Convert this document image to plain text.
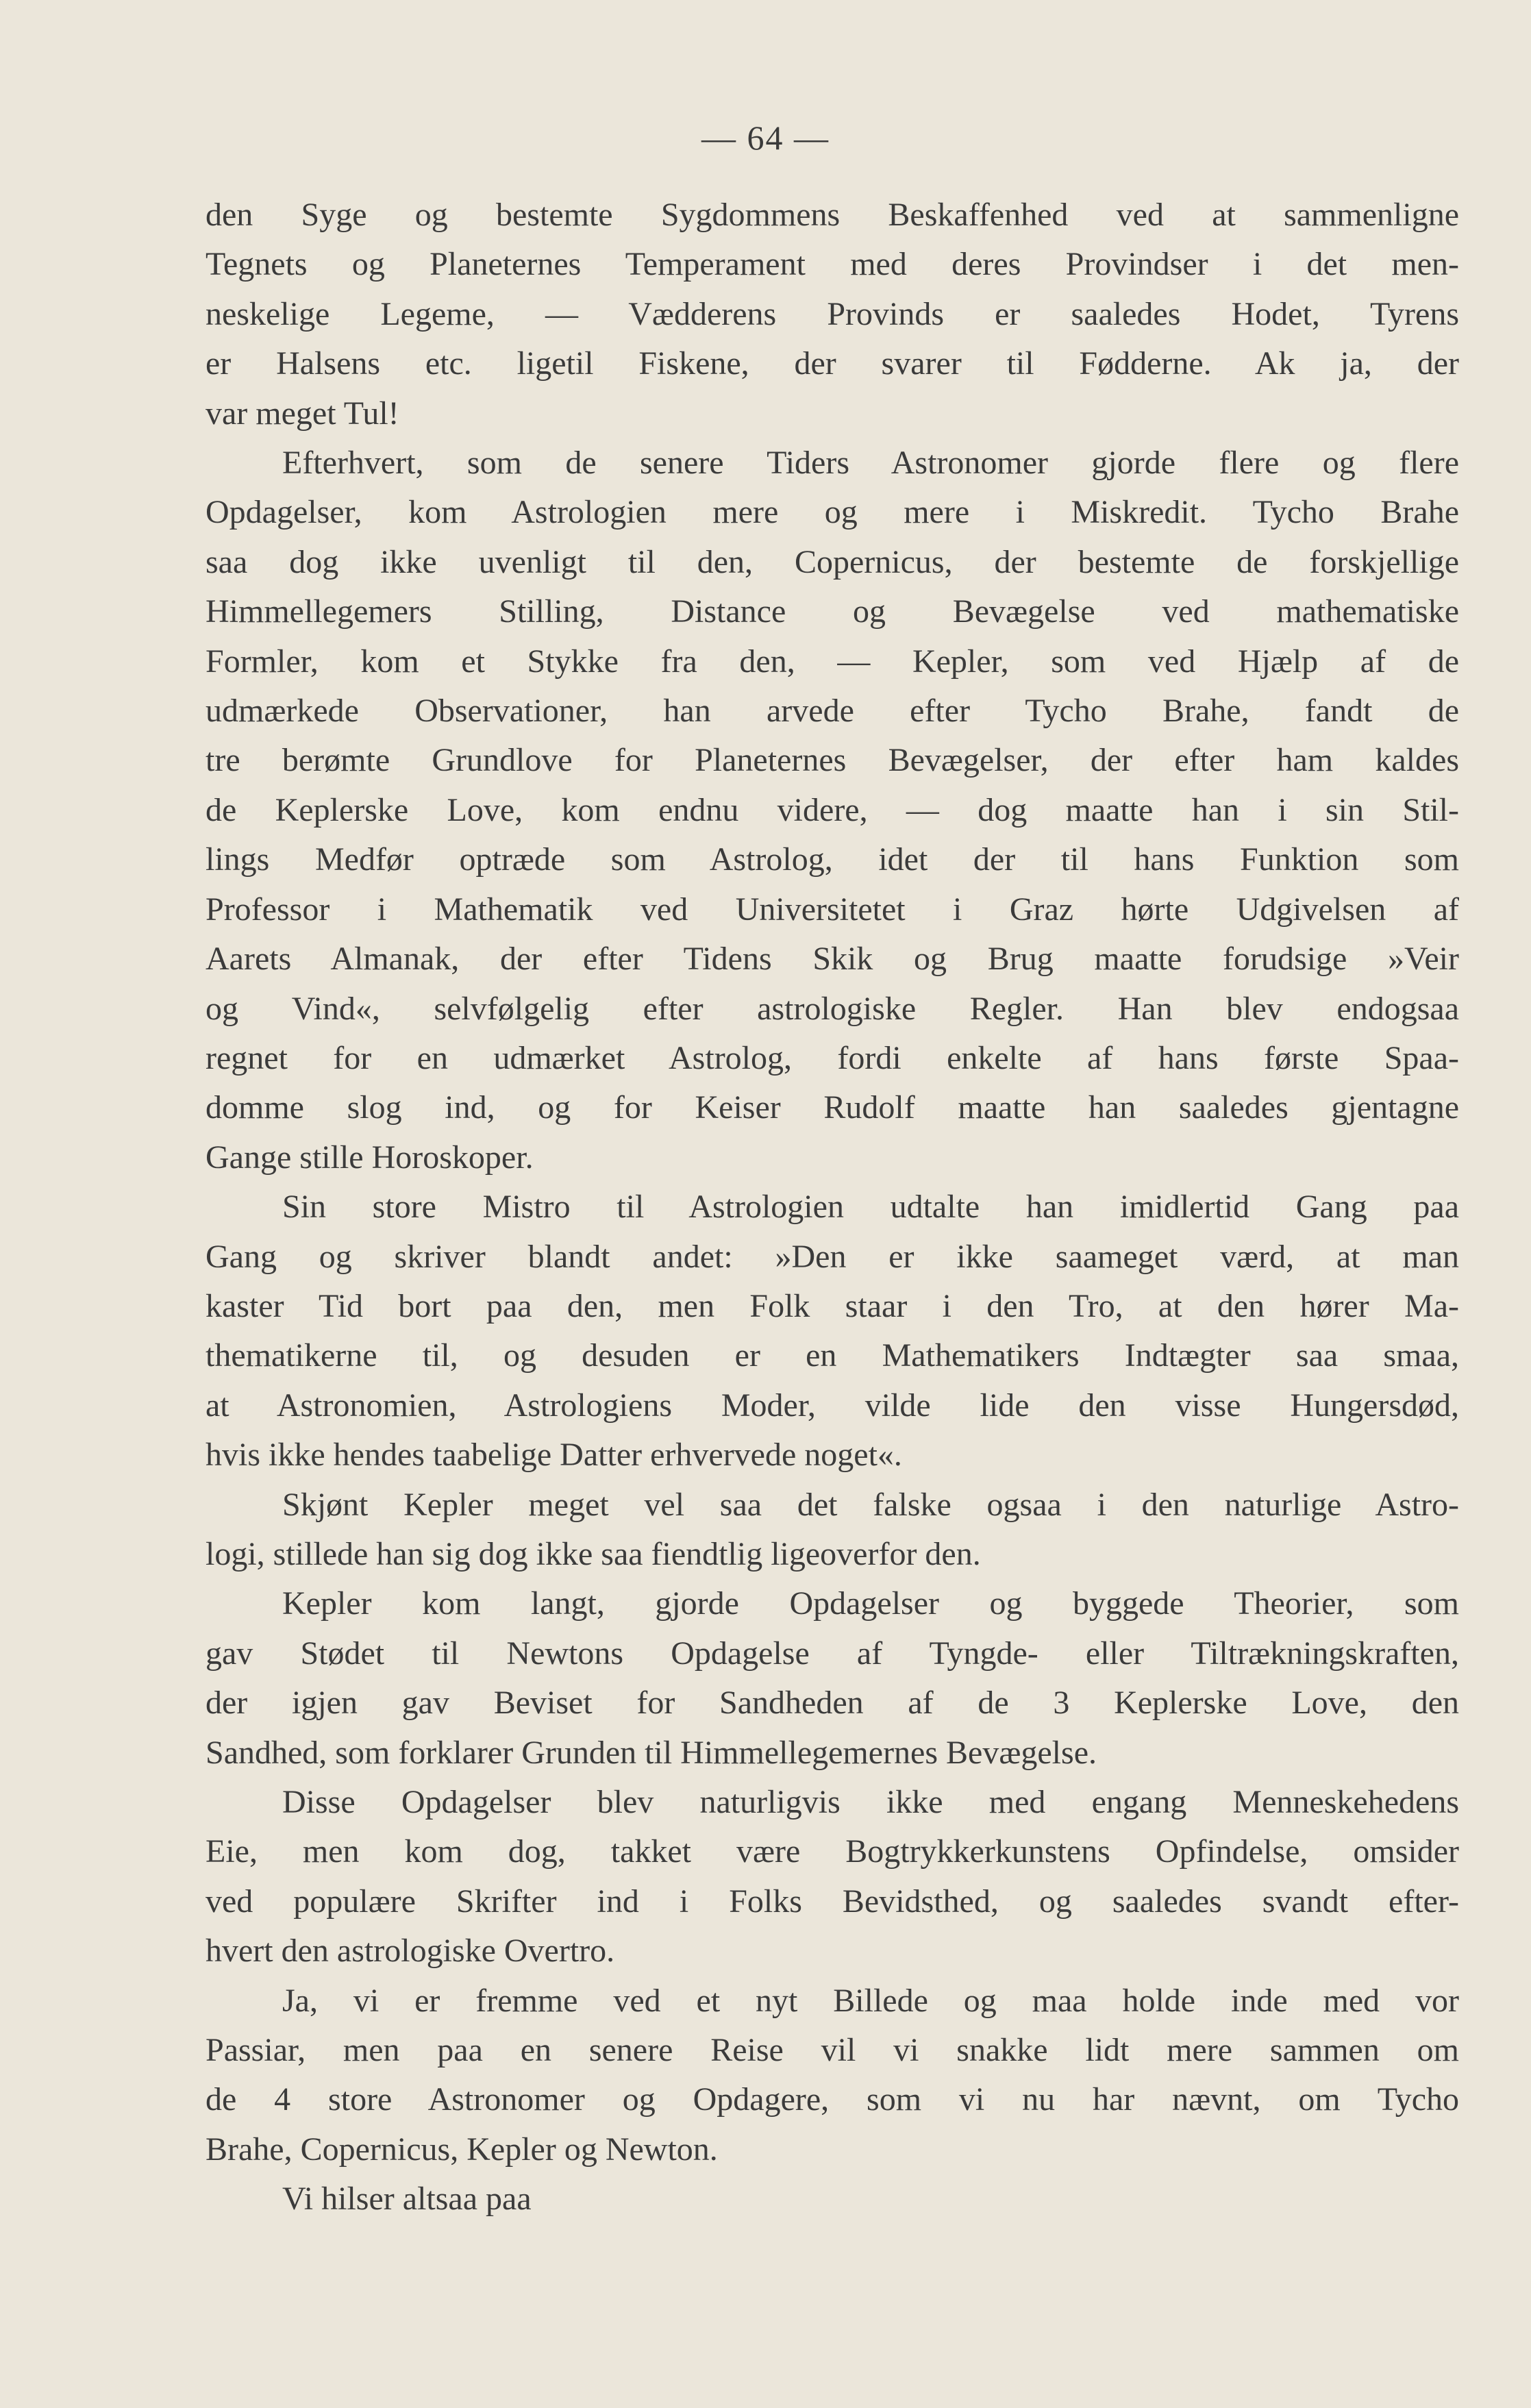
— 64 —
den Syge og bestemte Sygdommens Beskaffenhed ved at sammenligne
Tegnets og Planeternes Temperament med deres Provindser i det men-
neskelige Legeme, — Vædderens Provinds er saaledes Hodet, Tyrens
er Halsens etc. ligetil Fiskene, der svarer til Fødderne. Ak ja, der
var meget Tul!
Efterhvert, som de senere Tiders Astronomer gjorde flere og flere
Opdagelser, kom Astrologien mere og mere i Miskredit. Tycho Brahe
saa dog ikke uvenligt til den, Copernicus, der bestemte de forskjellige
Himmellegemers Stilling, Distance og Bevægelse ved mathematiske
Formler, kom et Stykke fra den, — Kepler, som ved Hjælp af de
udmærkede Observationer, han arvede efter Tycho Brahe, fandt de
tre berømte Grundlove for Planeternes Bevægelser, der efter ham kaldes
de Keplerske Love, kom endnu videre, — dog maatte han i sin Stil-
lings Medfør optræde som Astrolog, idet der til hans Funktion som
Professor i Mathematik ved Universitetet i Graz hørte Udgivelsen af
Aarets Almanak, der efter Tidens Skik og Brug maatte forudsige »Veir
og Vind«, selvfølgelig efter astrologiske Regler. Han blev endogsaa
regnet for en udmærket Astrolog, fordi enkelte af hans første Spaa-
domme slog ind, og for Keiser Rudolf maatte han saaledes gjentagne
Gange stille Horoskoper.
Sin store Mistro til Astrologien udtalte han imidlertid Gang paa
Gang og skriver blandt andet: »Den er ikke saameget værd, at man
kaster Tid bort paa den, men Folk staar i den Tro, at den hører Ma-
thematikerne til, og desuden er en Mathematikers Indtægter saa smaa,
at Astronomien, Astrologiens Moder, vilde lide den visse Hungersdød,
hvis ikke hendes taabelige Datter erhvervede noget«.
Skjønt Kepler meget vel saa det falske ogsaa i den naturlige Astro-
logi, stillede han sig dog ikke saa fiendtlig ligeoverfor den.
Kepler kom langt, gjorde Opdagelser og byggede Theorier, som
gav Stødet til Newtons Opdagelse af Tyngde- eller Tiltrækningskraften,
der igjen gav Beviset for Sandheden af de 3 Keplerske Love, den
Sandhed, som forklarer Grunden til Himmellegemernes Bevægelse.
Disse Opdagelser blev naturligvis ikke med engang Menneskehedens
Eie, men kom dog, takket være Bogtrykkerkunstens Opfindelse, omsider
ved populære Skrifter ind i Folks Bevidsthed, og saaledes svandt efter-
hvert den astrologiske Overtro.
Ja, vi er fremme ved et nyt Billede og maa holde inde med vor
Passiar, men paa en senere Reise vil vi snakke lidt mere sammen om
de 4 store Astronomer og Opdagere, som vi nu har nævnt, om Tycho
Brahe, Copernicus, Kepler og Newton.
Vi hilser altsaa paa
